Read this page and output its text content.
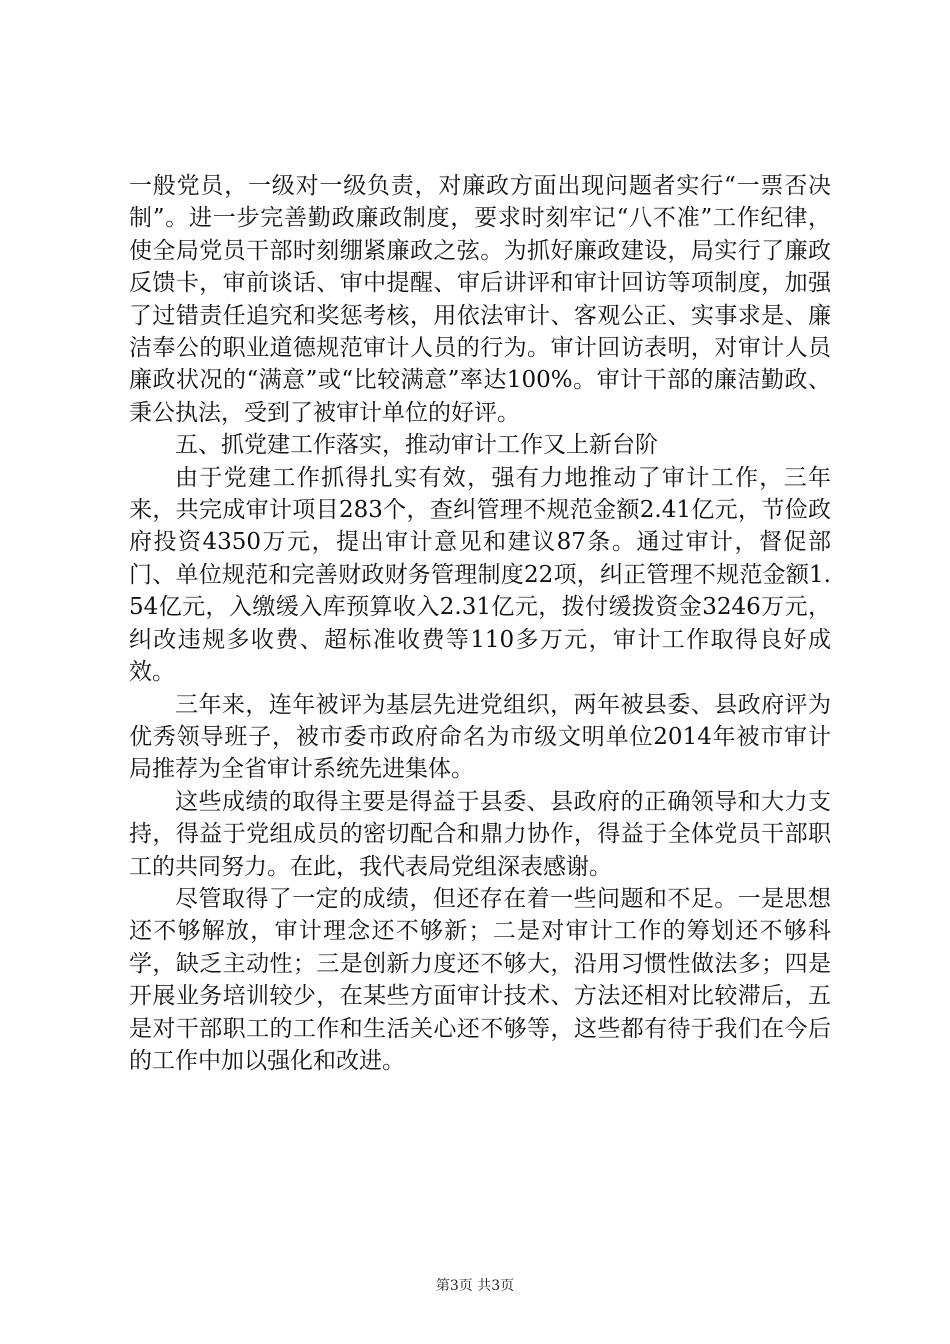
一般党员，一级对一级负责，对廉政方面出现问题者实行“一票否决制”。进一步完善勤政廉政制度，要求时刻牢记“八不准”工作纪律，使全局党员干部时刻绷紧廉政之弦。为抓好廉政建设，局实行了廉政反馈卡，审前谈话、审中提醒、审后讲评和审计回访等项制度，加强了过错责任追究和奖惩考核，用依法审计、客观公正、实事求是、廉洁奉公的职业道德规范审计人员的行为。审计回访表明，对审计人员廉政状况的“满意”或“比较满意”率达100%。审计干部的廉洁勤政、秉公执法，受到了被审计单位的好评。

五、抓党建工作落实，推动审计工作又上新台阶

由于党建工作抓得扎实有效，强有力地推动了审计工作，三年来，共完成审计项目283个，查纠管理不规范金额2.41亿元，节俭政府投资4350万元，提出审计意见和建议87条。通过审计，督促部门、单位规范和完善财政财务管理制度22项，纠正管理不规范金额1.54亿元，入缴缓入库预算收入2.31亿元，拨付缓拨资金3246万元，纠改违规多收费、超标准收费等110多万元，审计工作取得良好成效。

三年来，连年被评为基层先进党组织，两年被县委、县政府评为优秀领导班子，被市委市政府命名为市级文明单位2014年被市审计局推荐为全省审计系统先进集体。

这些成绩的取得主要是得益于县委、县政府的正确领导和大力支持，得益于党组成员的密切配合和鼎力协作，得益于全体党员干部职工的共同努力。在此，我代表局党组深表感谢。

尽管取得了一定的成绩，但还存在着一些问题和不足。一是思想还不够解放，审计理念还不够新；二是对审计工作的筹划还不够科学，缺乏主动性；三是创新力度还不够大，沿用习惯性做法多；四是开展业务培训较少，在某些方面审计技术、方法还相对比较滞后，五是对干部职工的工作和生活关心还不够等，这些都有待于我们在今后的工作中加以强化和改进。

第3页 共3页
